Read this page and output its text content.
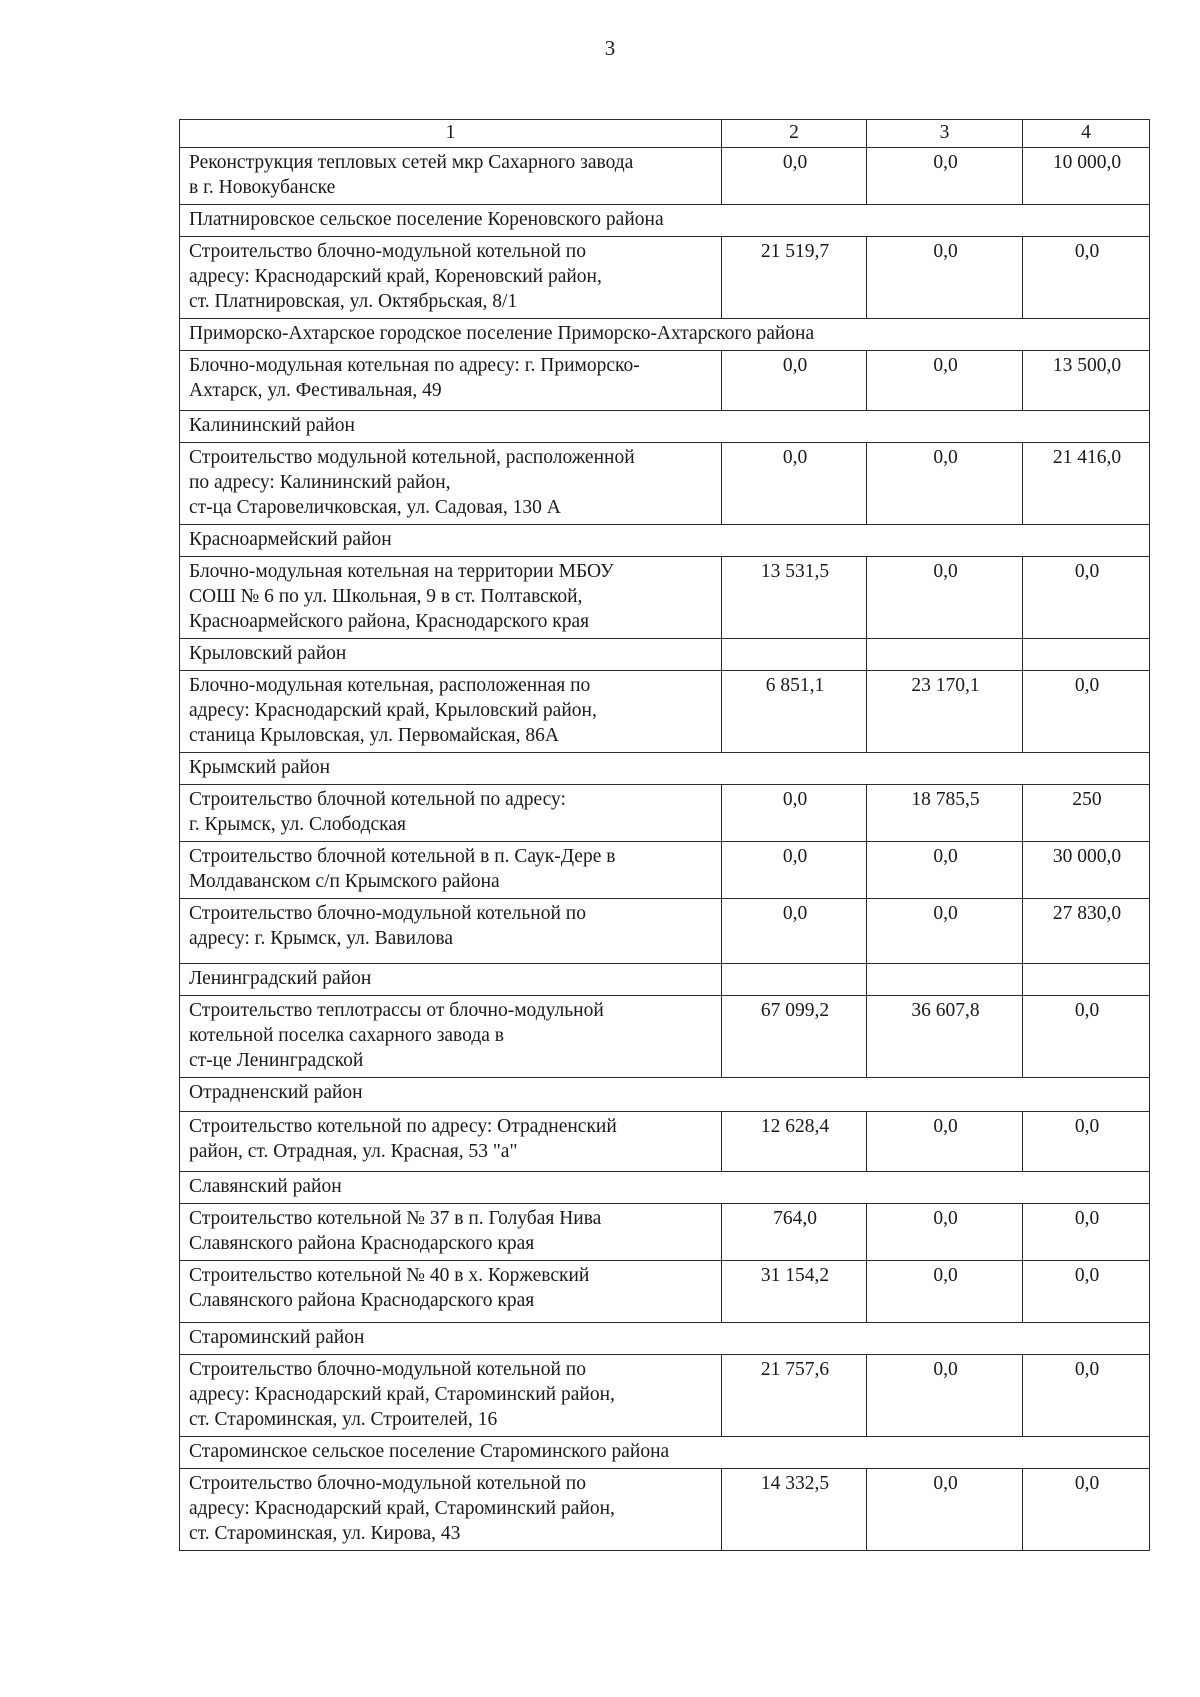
3
1	2	3	4

Реконструкция тепловых сетей мкр Сахарного завода
в г. Новокубанске	0,0	0,0	10 000,0
Платнировское сельское поселение Кореновского района			

Строительство блочно-модульной котельной по
адресу: Краснодарский край, Кореновский район,
ст. Платнировская, ул. Октябрьская, 8/1	21 519,7	0,0	0,0
Приморско-Ахтарское городское поселение Приморско-Ахтарского района			

Блочно-модульная котельная по адресу: г. Приморско-
Ахтарск, ул. Фестивальная, 49	0,0	0,0	13 500,0
Калининский район			

Строительство модульной котельной, расположенной
по адресу: Калининский район,
ст-ца Старовеличковская, ул. Садовая, 130 А	0,0	0,0	21 416,0
Красноармейский район			

Блочно-модульная котельная на территории МБОУ
СОШ № 6 по ул. Школьная, 9 в ст. Полтавской,
Красноармейского района, Краснодарского края	13 531,5	0,0	0,0
Крыловский район			

Блочно-модульная котельная, расположенная по
адресу: Краснодарский край, Крыловский район,
станица Крыловская, ул. Первомайская, 86А	6 851,1	23 170,1	0,0
Крымский район			

Строительство блочной котельной по адресу:
г. Крымск, ул. Слободская	0,0	18 785,5	250

Строительство блочной котельной в п. Саук-Дере в
Молдаванском с/п Крымского района	0,0	0,0	30 000,0

Строительство блочно-модульной котельной по
адресу: г. Крымск, ул. Вавилова	0,0	0,0	27 830,0
Ленинградский район			

Строительство теплотрассы от блочно-модульной
котельной поселка сахарного завода в
ст-це Ленинградской	67 099,2	36 607,8	0,0
Отрадненский район			

Строительство котельной по адресу: Отрадненский
район, ст. Отрадная, ул. Красная, 53 "а"	12 628,4	0,0	0,0
Славянский район			

Строительство котельной № 37 в п. Голубая Нива
Славянского района Краснодарского края	764,0	0,0	0,0

Строительство котельной № 40 в х. Коржевский
Славянского района Краснодарского края	31 154,2	0,0	0,0
Староминский район			

Строительство блочно-модульной котельной по
адресу: Краснодарский край, Староминский район,
ст. Староминская, ул. Строителей, 16	21 757,6	0,0	0,0
Староминское сельское поселение Староминского района			

Строительство блочно-модульной котельной по
адресу: Краснодарский край, Староминский район,
ст. Староминская, ул. Кирова, 43	14 332,5	0,0	0,0
